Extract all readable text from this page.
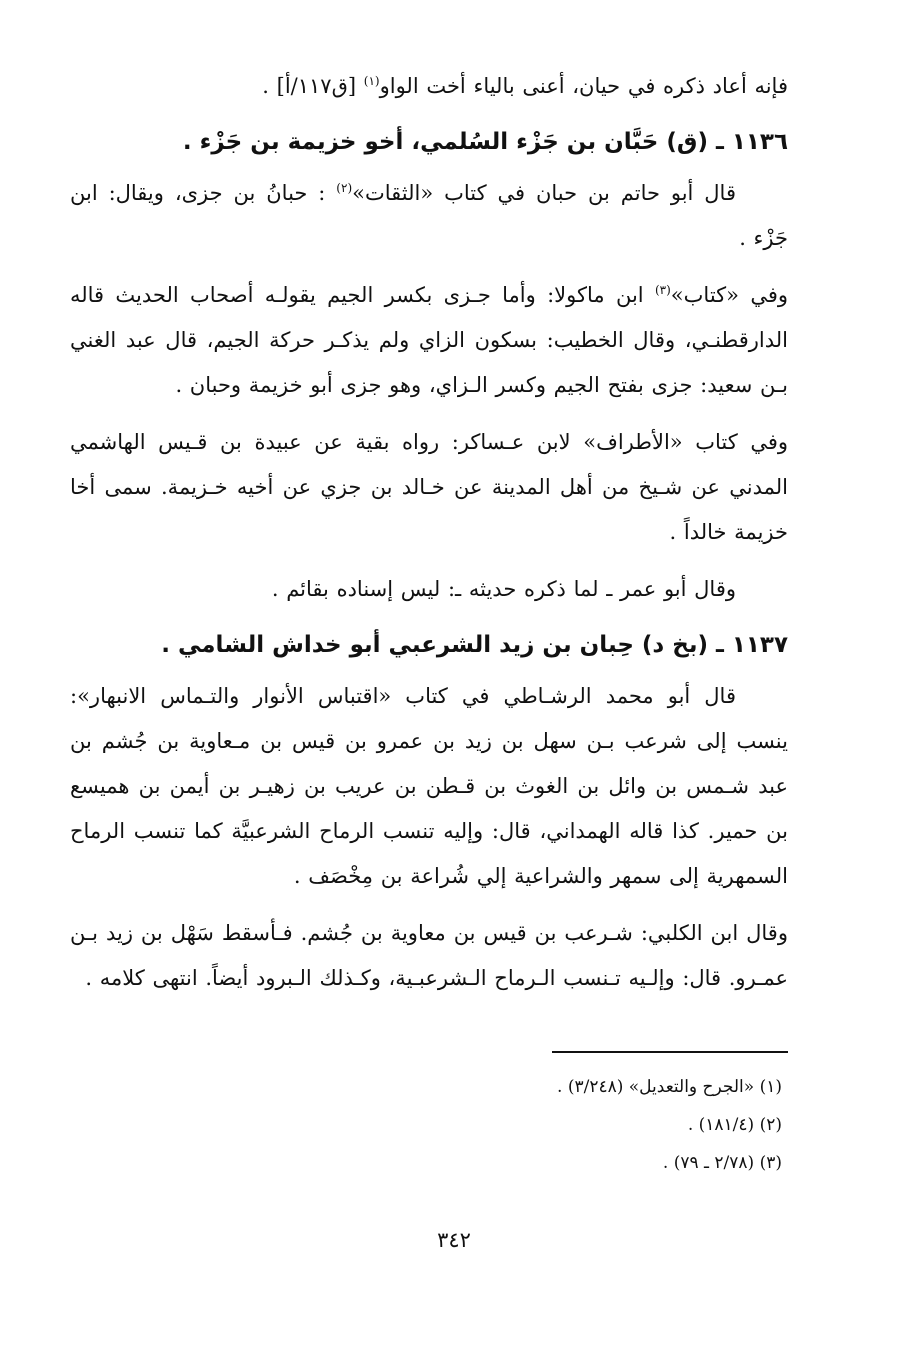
فإنه أعاد ذكره في حيان، أعنى بالياء أخت الواو$^{(١)}$ [ق١١٧/أ] .

١١٣٦ ـ (ق) حَبَّان بن جَزْء السُلمي، أخو خزيمة بن جَزْء .

قال أبو حاتم بن حبان في كتاب «الثقات»$^{(٢)}$ : حبانُ بن جزى، ويقال: ابن جَزْء .

وفي «كتاب»$^{(٣)}$ ابن ماكولا: وأما جـزى بكسر الجيم يقولـه أصحاب الحديث قاله الدارقطنـي، وقال الخطيب: بسكون الزاي ولم يذكـر حركة الجيم، قال عبد الغني بـن سعيد: جزى بفتح الجيم وكسر الـزاي، وهو جزى أبو خزيمة وحبان .

وفي كتاب «الأطراف» لابن عـساكر: رواه بقية عن عبيدة بن قـيس الهاشمي المدني عن شـيخ من أهل المدينة عن خـالد بن جزي عن أخيه خـزيمة. سمى أخا خزيمة خالداً .

وقال أبو عمر ـ لما ذكره حديثه ـ: ليس إسناده بقائم .

١١٣٧ ـ (بخ د) حِبان بن زيد الشرعبي أبو خداش الشامي .

قال أبو محمد الرشـاطي في كتاب «اقتباس الأنوار والتـماس الانبهار»: ينسب إلى شرعب بـن سهل بن زيد بن عمرو بن قيس بن مـعاوية بن جُشم بن عبد شـمس بن وائل بن الغوث بن قـطن بن عريب بن زهيـر بن أيمن بن هميسع بن حمير. كذا قاله الهمداني، قال: وإليه تنسب الرماح الشرعبيَّة كما تنسب الرماح السمهرية إلى سمهر والشراعية إلي شُراعة بن مِخْصَف .

وقال ابن الكلبي: شـرعب بن قيس بن معاوية بن جُشم. فـأسقط سَهْل بن زيد بـن عمـرو. قال: وإلـيه تـنسب الـرماح الـشرعبـية، وكـذلك الـبرود أيضاً. انتهى كلامه .

(١) «الجرح والتعديل» (٣/٢٤٨) .
(٢) (١٨١/٤) .
(٣) (٢/٧٨ ـ ٧٩) .
٣٤٢
